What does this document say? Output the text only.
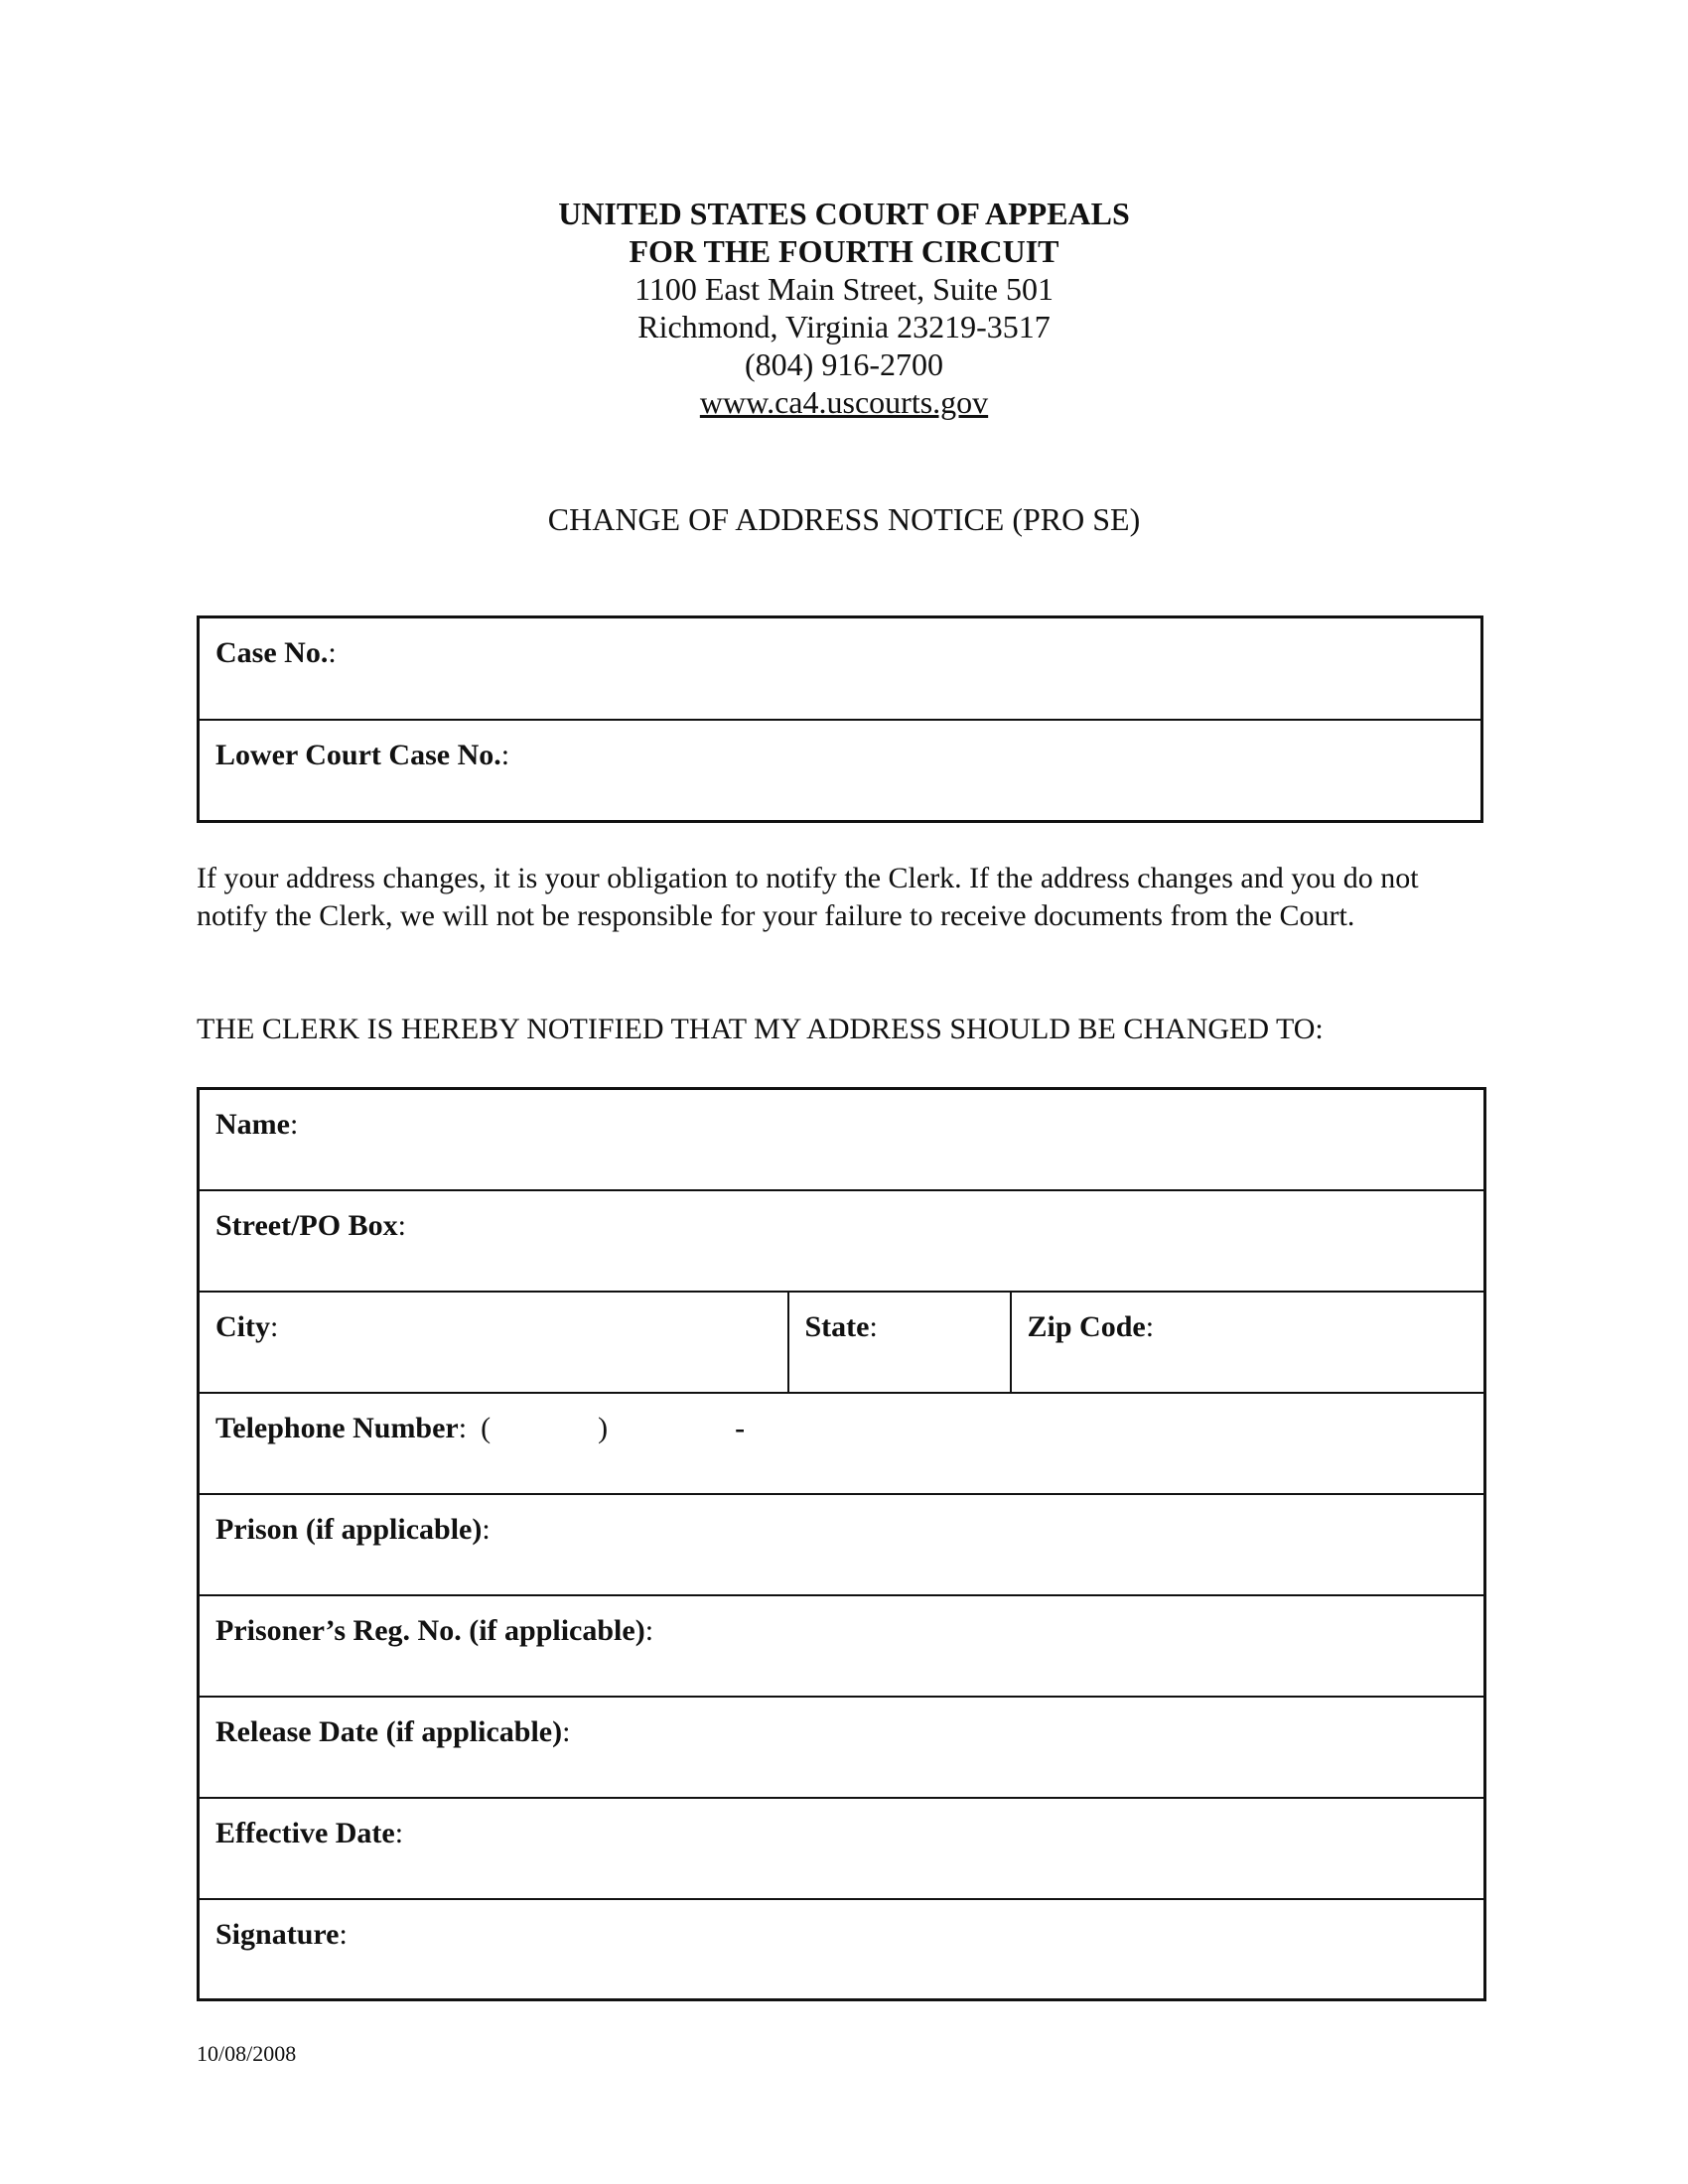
UNITED STATES COURT OF APPEALS
FOR THE FOURTH CIRCUIT
1100 East Main Street, Suite 501
Richmond, Virginia 23219-3517
(804) 916-2700
www.ca4.uscourts.gov
CHANGE OF ADDRESS NOTICE (PRO SE)
Case No.:
Lower Court Case No.:
If your address changes, it is your obligation to notify the Clerk. If the address changes and you do not notify the Clerk, we will not be responsible for your failure to receive documents from the Court.
THE CLERK IS HEREBY NOTIFIED THAT MY ADDRESS SHOULD BE CHANGED TO:
Name:
Street/PO Box:
City:	State:	Zip Code:
Telephone Number: (	)	-
Prison (if applicable):
Prisoner’s Reg. No. (if applicable):
Release Date (if applicable):
Effective Date:
Signature:
10/08/2008
